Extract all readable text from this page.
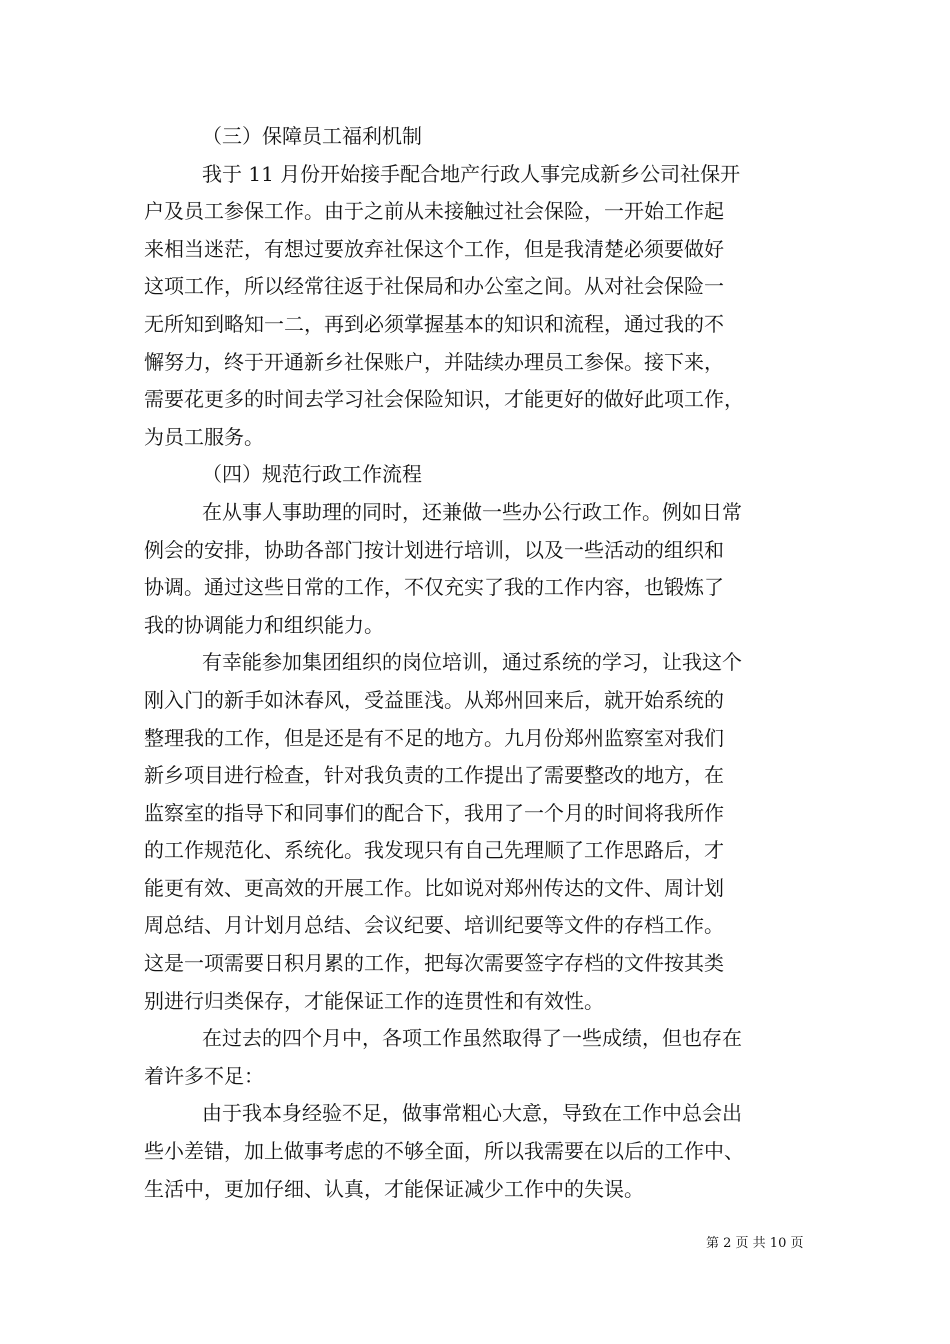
（三）保障员工福利机制
我于 11 月份开始接手配合地产行政人事完成新乡公司社保开
户及员工参保工作。由于之前从未接触过社会保险，一开始工作起
来相当迷茫，有想过要放弃社保这个工作，但是我清楚必须要做好
这项工作，所以经常往返于社保局和办公室之间。从对社会保险一
无所知到略知一二，再到必须掌握基本的知识和流程，通过我的不
懈努力，终于开通新乡社保账户，并陆续办理员工参保。接下来，
需要花更多的时间去学习社会保险知识，才能更好的做好此项工作，
为员工服务。
（四）规范行政工作流程
在从事人事助理的同时，还兼做一些办公行政工作。例如日常
例会的安排，协助各部门按计划进行培训，以及一些活动的组织和
协调。通过这些日常的工作，不仅充实了我的工作内容，也锻炼了
我的协调能力和组织能力。
有幸能参加集团组织的岗位培训，通过系统的学习，让我这个
刚入门的新手如沐春风，受益匪浅。从郑州回来后，就开始系统的
整理我的工作，但是还是有不足的地方。九月份郑州监察室对我们
新乡项目进行检查，针对我负责的工作提出了需要整改的地方，在
监察室的指导下和同事们的配合下，我用了一个月的时间将我所作
的工作规范化、系统化。我发现只有自己先理顺了工作思路后，才
能更有效、更高效的开展工作。比如说对郑州传达的文件、周计划
周总结、月计划月总结、会议纪要、培训纪要等文件的存档工作。
这是一项需要日积月累的工作，把每次需要签字存档的文件按其类
别进行归类保存，才能保证工作的连贯性和有效性。
在过去的四个月中，各项工作虽然取得了一些成绩，但也存在
着许多不足：
由于我本身经验不足，做事常粗心大意，导致在工作中总会出
些小差错，加上做事考虑的不够全面，所以我需要在以后的工作中、
生活中，更加仔细、认真，才能保证减少工作中的失误。
第 2 页 共 10 页
